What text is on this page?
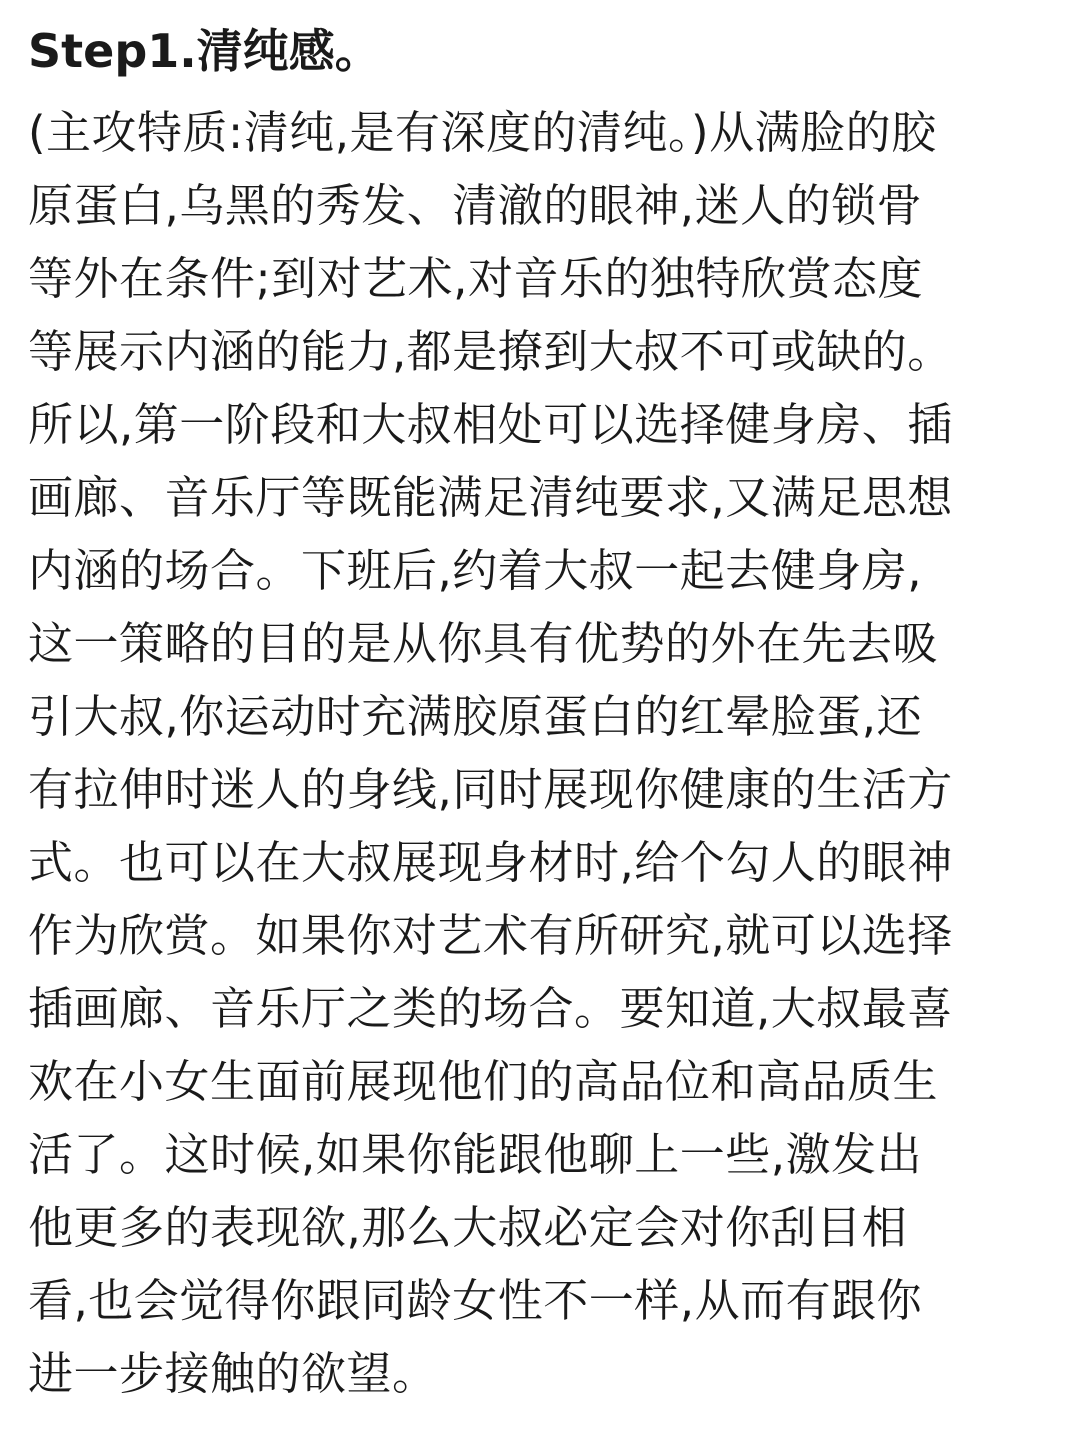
Step1.清纯感。
(主攻特质:清纯,是有深度的清纯。)从满脸的胶
原蛋白,乌黑的秀发、清澈的眼神,迷人的锁骨
等外在条件;到对艺术,对音乐的独特欣赏态度
等展示内涵的能力,都是撩到大叔不可或缺的。
所以,第一阶段和大叔相处可以选择健身房、插
画廊、音乐厅等既能满足清纯要求,又满足思想
内涵的场合。下班后,约着大叔一起去健身房,
这一策略的目的是从你具有优势的外在先去吸
引大叔,你运动时充满胶原蛋白的红晕脸蛋,还
有拉伸时迷人的身线,同时展现你健康的生活方
式。也可以在大叔展现身材时,给个勾人的眼神
作为欣赏。如果你对艺术有所研究,就可以选择
插画廊、音乐厅之类的场合。要知道,大叔最喜
欢在小女生面前展现他们的高品位和高品质生
活了。这时候,如果你能跟他聊上一些,激发出
他更多的表现欲,那么大叔必定会对你刮目相
看,也会觉得你跟同龄女性不一样,从而有跟你
进一步接触的欲望。
